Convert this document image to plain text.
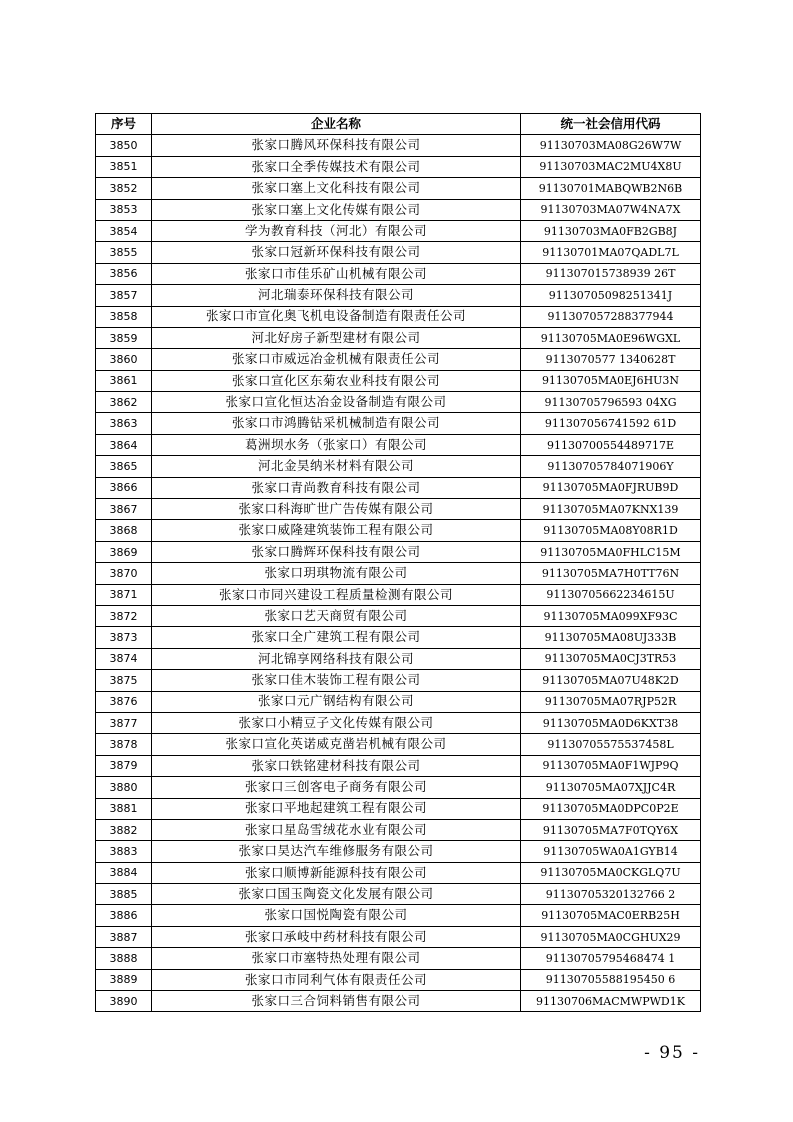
序号	企业名称	统一社会信用代码
3850	张家口腾风环保科技有限公司	91130703MA08G26W7W
3851	张家口全季传媒技术有限公司	91130703MAC2MU4X8U
3852	张家口塞上文化科技有限公司	91130701MABQWB2N6B
3853	张家口塞上文化传媒有限公司	91130703MA07W4NA7X
3854	学为教育科技（河北）有限公司	91130703MA0FB2GB8J
3855	张家口冠新环保科技有限公司	91130701MA07QADL7L
3856	张家口市佳乐矿山机械有限公司	911307015738939 26T
3857	河北瑞泰环保科技有限公司	91130705098251341J
3858	张家口市宣化奥飞机电设备制造有限责任公司	911307057288377944
3859	河北好房子新型建材有限公司	91130705MA0E96WGXL
3860	张家口市威远冶金机械有限责任公司	9113070577 1340628T
3861	张家口宣化区东菊农业科技有限公司	91130705MA0EJ6HU3N
3862	张家口宣化恒达冶金设备制造有限公司	91130705796593 04XG
3863	张家口市鸿腾钻采机械制造有限公司	911307056741592 61D
3864	葛洲坝水务（张家口）有限公司	91130700554489717E
3865	河北金昊纳米材料有限公司	91130705784071906Y
3866	张家口青尚教育科技有限公司	91130705MA0FJRUB9D
3867	张家口科海旷世广告传媒有限公司	91130705MA07KNX139
3868	张家口威隆建筑装饰工程有限公司	91130705MA08Y08R1D
3869	张家口腾辉环保科技有限公司	91130705MA0FHLC15M
3870	张家口玥琪物流有限公司	91130705MA7H0TT76N
3871	张家口市同兴建设工程质量检测有限公司	91130705662234615U
3872	张家口艺天商贸有限公司	91130705MA099XF93C
3873	张家口全广建筑工程有限公司	91130705MA08UJ333B
3874	河北锦享网络科技有限公司	91130705MA0CJ3TR53
3875	张家口佳木装饰工程有限公司	91130705MA07U48K2D
3876	张家口元广钢结构有限公司	91130705MA07RJP52R
3877	张家口小精豆子文化传媒有限公司	91130705MA0D6KXT38
3878	张家口宣化英诺威克凿岩机械有限公司	91130705575537458L
3879	张家口铁铭建材科技有限公司	91130705MA0F1WJP9Q
3880	张家口三创客电子商务有限公司	91130705MA07XJJC4R
3881	张家口平地起建筑工程有限公司	91130705MA0DPC0P2E
3882	张家口星岛雪绒花水业有限公司	91130705MA7F0TQY6X
3883	张家口昊达汽车维修服务有限公司	91130705WA0A1GYB14
3884	张家口顺博新能源科技有限公司	91130705MA0CKGLQ7U
3885	张家口国玉陶瓷文化发展有限公司	91130705320132766 2
3886	张家口国悦陶瓷有限公司	91130705MAC0ERB25H
3887	张家口承岐中药材科技有限公司	91130705MA0CGHUX29
3888	张家口市塞特热处理有限公司	91130705795468474 1
3889	张家口市同利气体有限责任公司	91130705588195450 6
3890	张家口三合饲料销售有限公司	91130706MACMWPWD1K
- 95 -
